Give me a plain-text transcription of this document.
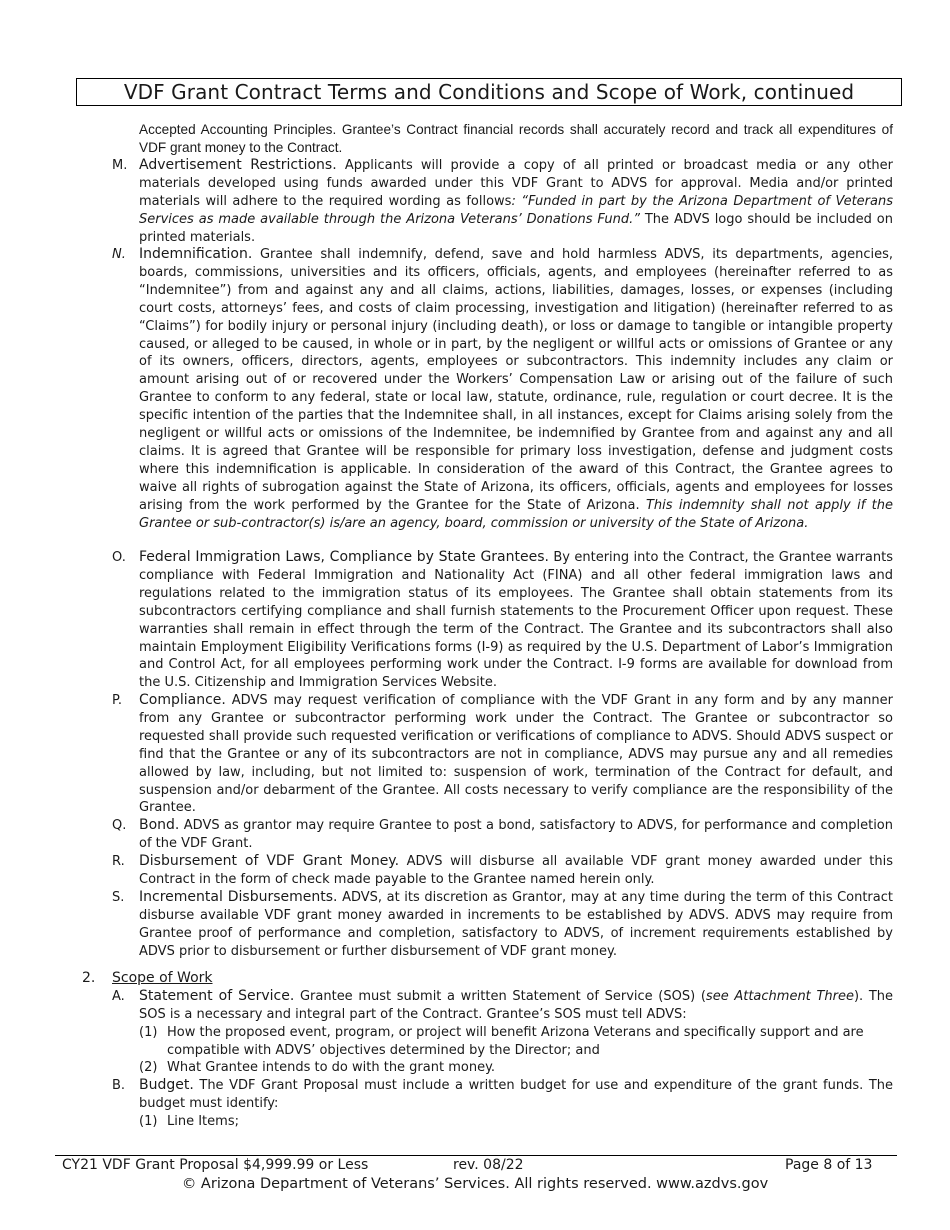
VDF Grant Contract Terms and Conditions and Scope of Work, continued
Accepted Accounting Principles. Grantee’s Contract financial records shall accurately record and track all expenditures of VDF grant money to the Contract.
M. Advertisement Restrictions. Applicants will provide a copy of all printed or broadcast media or any other materials developed using funds awarded under this VDF Grant to ADVS for approval. Media and/or printed materials will adhere to the required wording as follows: “Funded in part by the Arizona Department of Veterans Services as made available through the Arizona Veterans’ Donations Fund.” The ADVS logo should be included on printed materials.
N. Indemnification. Grantee shall indemnify, defend, save and hold harmless ADVS, its departments, agencies, boards, commissions, universities and its officers, officials, agents, and employees (hereinafter referred to as “Indemnitee”) from and against any and all claims, actions, liabilities, damages, losses, or expenses (including court costs, attorneys’ fees, and costs of claim processing, investigation and litigation) (hereinafter referred to as “Claims”) for bodily injury or personal injury (including death), or loss or damage to tangible or intangible property caused, or alleged to be caused, in whole or in part, by the negligent or willful acts or omissions of Grantee or any of its owners, officers, directors, agents, employees or subcontractors. This indemnity includes any claim or amount arising out of or recovered under the Workers’ Compensation Law or arising out of the failure of such Grantee to conform to any federal, state or local law, statute, ordinance, rule, regulation or court decree. It is the specific intention of the parties that the Indemnitee shall, in all instances, except for Claims arising solely from the negligent or willful acts or omissions of the Indemnitee, be indemnified by Grantee from and against any and all claims. It is agreed that Grantee will be responsible for primary loss investigation, defense and judgment costs where this indemnification is applicable. In consideration of the award of this Contract, the Grantee agrees to waive all rights of subrogation against the State of Arizona, its officers, officials, agents and employees for losses arising from the work performed by the Grantee for the State of Arizona. This indemnity shall not apply if the Grantee or sub-contractor(s) is/are an agency, board, commission or university of the State of Arizona.
O. Federal Immigration Laws, Compliance by State Grantees. By entering into the Contract, the Grantee warrants compliance with Federal Immigration and Nationality Act (FINA) and all other federal immigration laws and regulations related to the immigration status of its employees. The Grantee shall obtain statements from its subcontractors certifying compliance and shall furnish statements to the Procurement Officer upon request. These warranties shall remain in effect through the term of the Contract. The Grantee and its subcontractors shall also maintain Employment Eligibility Verifications forms (I-9) as required by the U.S. Department of Labor’s Immigration and Control Act, for all employees performing work under the Contract. I-9 forms are available for download from the U.S. Citizenship and Immigration Services Website.
P. Compliance. ADVS may request verification of compliance with the VDF Grant in any form and by any manner from any Grantee or subcontractor performing work under the Contract. The Grantee or subcontractor so requested shall provide such requested verification or verifications of compliance to ADVS. Should ADVS suspect or find that the Grantee or any of its subcontractors are not in compliance, ADVS may pursue any and all remedies allowed by law, including, but not limited to: suspension of work, termination of the Contract for default, and suspension and/or debarment of the Grantee. All costs necessary to verify compliance are the responsibility of the Grantee.
Q. Bond. ADVS as grantor may require Grantee to post a bond, satisfactory to ADVS, for performance and completion of the VDF Grant.
R. Disbursement of VDF Grant Money. ADVS will disburse all available VDF grant money awarded under this Contract in the form of check made payable to the Grantee named herein only.
S. Incremental Disbursements. ADVS, at its discretion as Grantor, may at any time during the term of this Contract disburse available VDF grant money awarded in increments to be established by ADVS. ADVS may require from Grantee proof of performance and completion, satisfactory to ADVS, of increment requirements established by ADVS prior to disbursement or further disbursement of VDF grant money.
2. Scope of Work
A. Statement of Service. Grantee must submit a written Statement of Service (SOS) (see Attachment Three). The SOS is a necessary and integral part of the Contract. Grantee’s SOS must tell ADVS:
(1) How the proposed event, program, or project will benefit Arizona Veterans and specifically support and are compatible with ADVS’ objectives determined by the Director; and
(2) What Grantee intends to do with the grant money.
B. Budget. The VDF Grant Proposal must include a written budget for use and expenditure of the grant funds. The budget must identify:
(1) Line Items;
CY21 VDF Grant Proposal $4,999.99 or Less	rev. 08/22	Page 8 of 13
© Arizona Department of Veterans’ Services. All rights reserved. www.azdvs.gov
